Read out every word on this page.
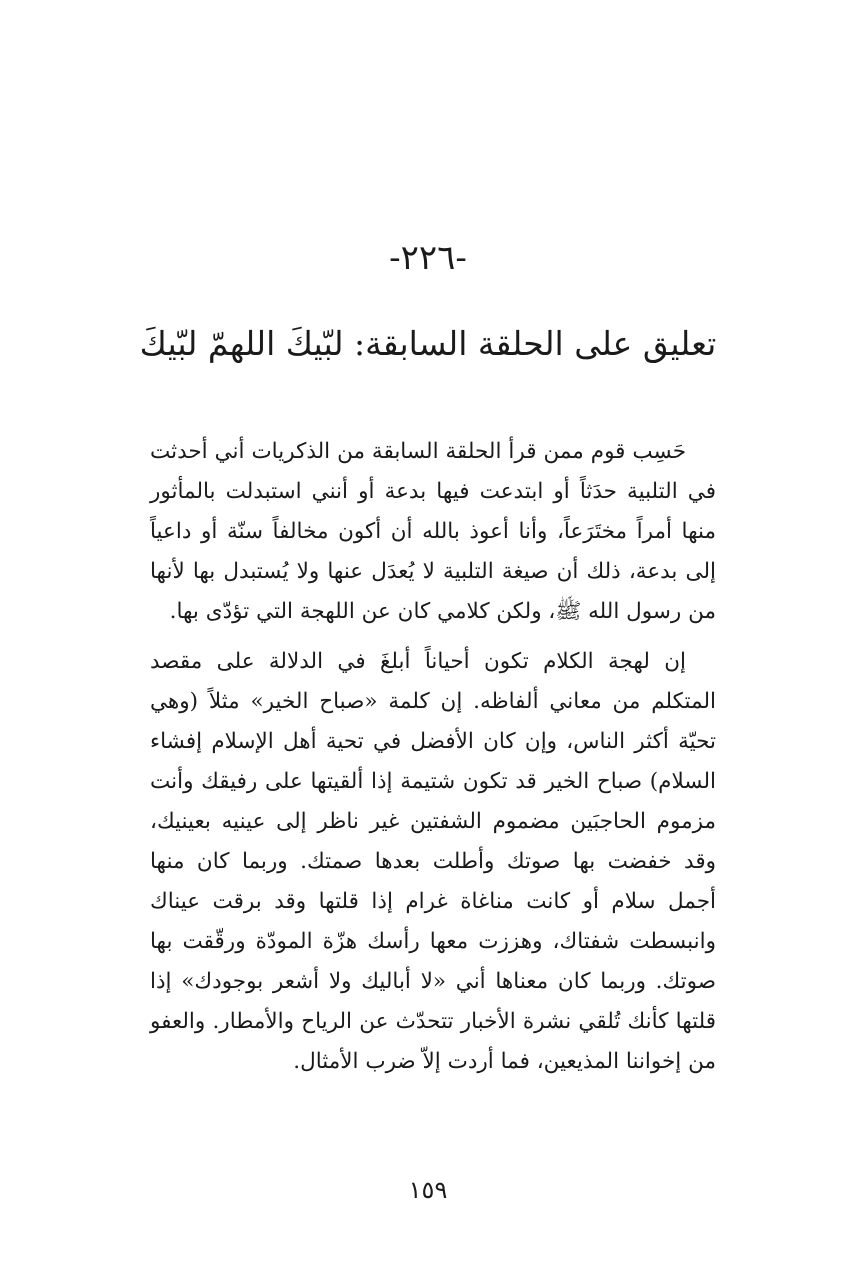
-٢٢٦-
تعليق على الحلقة السابقة: لبّيكَ اللهمّ لبّيكَ

حَسِب قوم ممن قرأ الحلقة السابقة من الذكريات أني أحدثت في التلبية حدَثاً أو ابتدعت فيها بدعة أو أنني استبدلت بالمأثور منها أمراً مختَرَعاً، وأنا أعوذ بالله أن أكون مخالفاً سنّة أو داعياً إلى بدعة، ذلك أن صيغة التلبية لا يُعدَل عنها ولا يُستبدل بها لأنها من رسول الله ﷺ، ولكن كلامي كان عن اللهجة التي تؤدّى بها.

إن لهجة الكلام تكون أحياناً أبلغَ في الدلالة على مقصد المتكلم من معاني ألفاظه. إن كلمة «صباح الخير» مثلاً (وهي تحيّة أكثر الناس، وإن كان الأفضل في تحية أهل الإسلام إفشاء السلام) صباح الخير قد تكون شتيمة إذا ألقيتها على رفيقك وأنت مزموم الحاجبَين مضموم الشفتين غير ناظر إلى عينيه بعينيك، وقد خفضت بها صوتك وأطلت بعدها صمتك. وربما كان منها أجمل سلام أو كانت مناغاة غرام إذا قلتها وقد برقت عيناك وانبسطت شفتاك، وهززت معها رأسك هزّة المودّة ورقّقت بها صوتك. وربما كان معناها أني «لا أباليك ولا أشعر بوجودك» إذا قلتها كأنك تُلقي نشرة الأخبار تتحدّث عن الرياح والأمطار. والعفو من إخواننا المذيعين، فما أردت إلاّ ضرب الأمثال.

١٥٩
